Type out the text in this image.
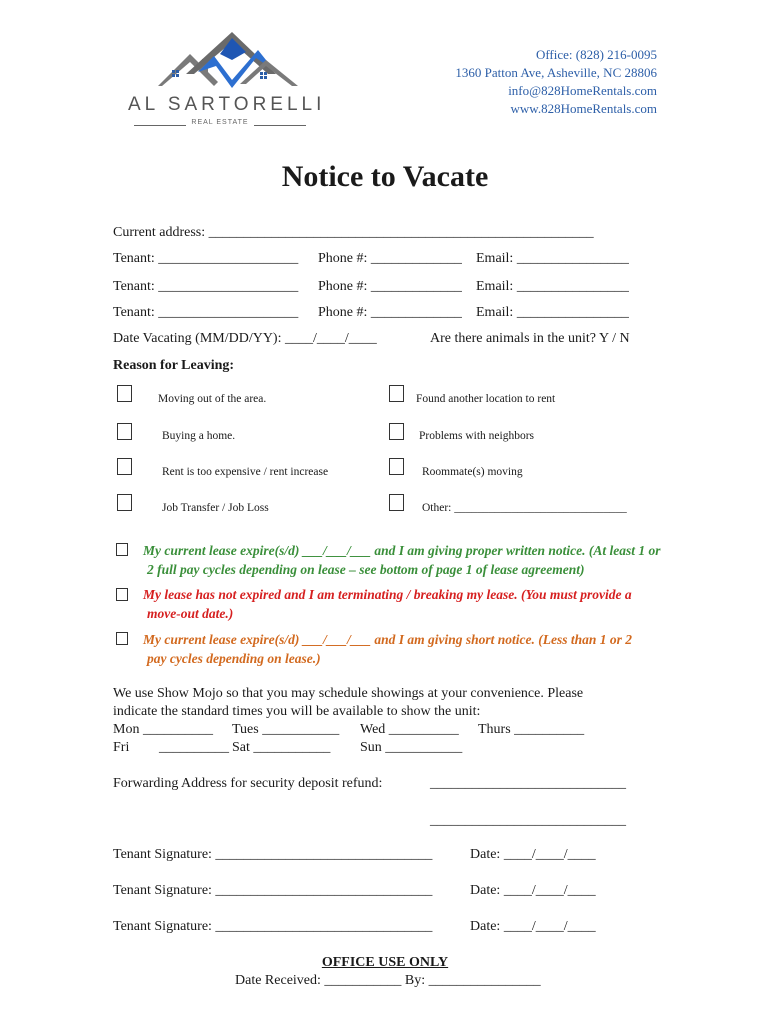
AL SARTORELLI
REAL ESTATE
Office: (828) 216-0095
1360 Patton Ave, Asheville, NC 28806
info@828HomeRentals.com
www.828HomeRentals.com
Notice to Vacate
Current address: _______________________________________________________
Tenant: ____________________ Phone #: _____________ Email: ________________
Tenant: ____________________ Phone #: _____________ Email: ________________
Tenant: ____________________ Phone #: _____________ Email: ________________
Date Vacating (MM/DD/YY): ____/____/____	Are there animals in the unit? Y / N
Reason for Leaving:
Moving out of the area.	Found another location to rent
Buying a home.	Problems with neighbors
Rent is too expensive / rent increase	Roommate(s) moving
Job Transfer / Job Loss	Other: ______________________________
My current lease expire(s/d) ___/___/___ and I am giving proper written notice. (At least 1 or
2 full pay cycles depending on lease – see bottom of page 1 of lease agreement)
My lease has not expired and I am terminating / breaking my lease. (You must provide a
move-out date.)
My current lease expire(s/d) ___/___/___ and I am giving short notice. (Less than 1 or 2
pay cycles depending on lease.)
We use Show Mojo so that you may schedule showings at your convenience. Please
indicate the standard times you will be available to show the unit:
Mon __________ Tues ___________ Wed __________ Thurs __________
Fri __________ Sat ___________ Sun ___________
Forwarding Address for security deposit refund:	____________________________
____________________________
Tenant Signature: _______________________________	Date: ____/____/____
Tenant Signature: _______________________________	Date: ____/____/____
Tenant Signature: _______________________________	Date: ____/____/____
OFFICE USE ONLY
Date Received: ___________ By: ________________
